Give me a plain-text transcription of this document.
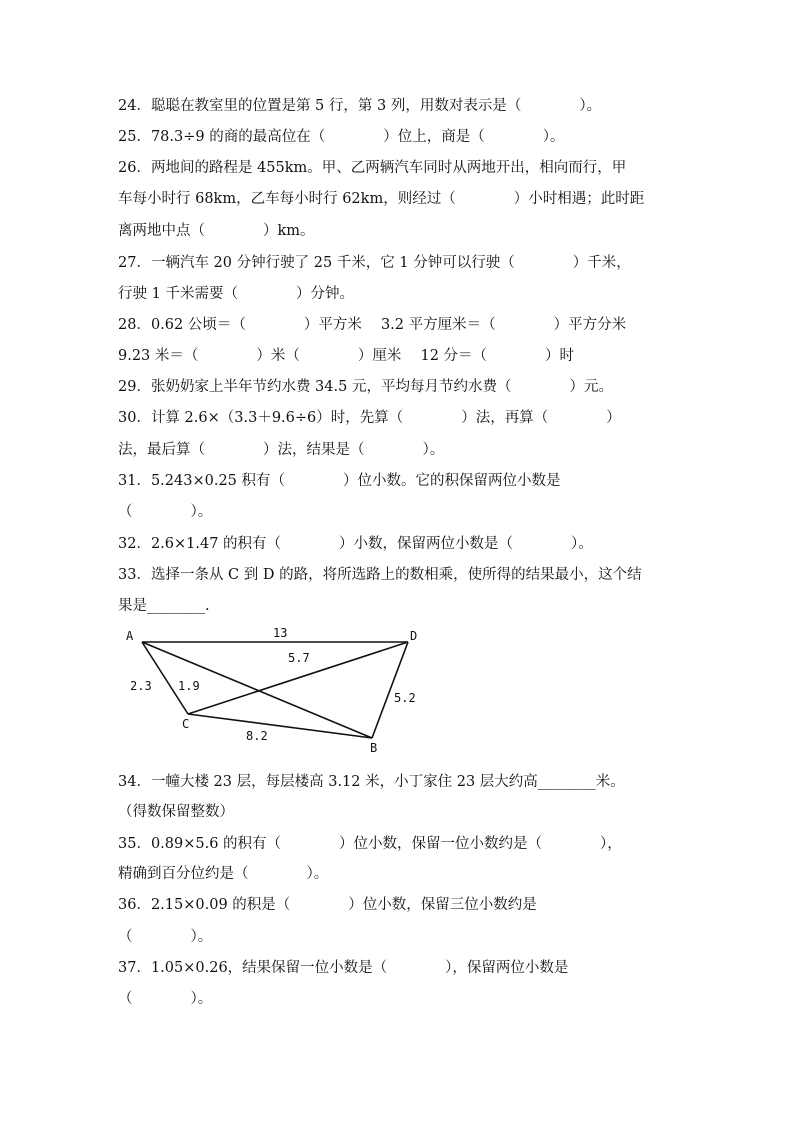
24．聪聪在教室里的位置是第 5 行，第 3 列，用数对表示是（　　　　）。
25．78.3÷9 的商的最高位在（　　　　）位上，商是（　　　　）。
26．两地间的路程是 455km。甲、乙两辆汽车同时从两地开出，相向而行，甲
车每小时行 68km，乙车每小时行 62km，则经过（　　　　）小时相遇；此时距
离两地中点（　　　　）km。
27．一辆汽车 20 分钟行驶了 25 千米，它 1 分钟可以行驶（　　　　）千米，
行驶 1 千米需要（　　　　）分钟。
28．0.62 公顷＝（　　　　）平方米　 3.2 平方厘米＝（　　　　）平方分米
9.23 米＝（　　　　）米（　　　　）厘米　 12 分＝（　　　　）时
29．张奶奶家上半年节约水费 34.5 元，平均每月节约水费（　　　　）元。
30．计算 2.6×（3.3＋9.6÷6）时，先算（　　　　）法，再算（　　　　）
法，最后算（　　　　）法，结果是（　　　　）。
31．5.243×0.25 积有（　　　　）位小数。它的积保留两位小数是
（　　　　）。
32．2.6×1.47 的积有（　　　　）小数，保留两位小数是（　　　　）。
33．选择一条从 C 到 D 的路，将所选路上的数相乘，使所得的结果最小，这个结
果是________.
A	D
C
B
13
5.7
2.3 1.9
5.2
8.2
34．一幢大楼 23 层，每层楼高 3.12 米，小丁家住 23 层大约高________米。
（得数保留整数）
35．0.89×5.6 的积有（　　　　）位小数，保留一位小数约是（　　　　），
精确到百分位约是（　　　　）。
36．2.15×0.09 的积是（　　　　）位小数，保留三位小数约是
（　　　　）。
37．1.05×0.26，结果保留一位小数是（　　　　），保留两位小数是
（　　　　）。
